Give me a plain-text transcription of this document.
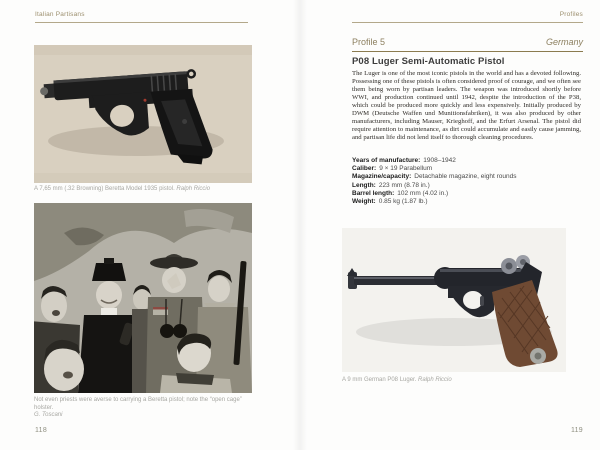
Italian Partisans
A 7,65 mm (.32 Browning) Beretta Model 1935 pistol. Ralph Riccio
Not even priests were averse to carrying a Beretta pistol; note the “open cage” holster.
G. Toscani
118
Profiles
Profile 5	Germany
P08 Luger Semi-Automatic Pistol

The Luger is one of the most iconic pistols in the world and has a devoted following. Possessing one of these pistols is often considered proof of courage, and we often see them being worn by partisan leaders. The weapon was introduced shortly before WWI, and production continued until 1942, despite the introduction of the P38, which could be produced more quickly and less expensively. Initially produced by DWM (Deutsche Waffen und Munitionsfabriken), it was also produced by other manufacturers, including Mauser, Krieghoff, and the Erfurt Arsenal. The pistol did require attention to maintenance, as dirt could accumulate and easily cause jamming, and partisan life did not lend itself to thorough cleaning procedures.

Years of manufacture: 1908–1942
Caliber: 9 × 19 Parabellum
Magazine/capacity: Detachable magazine, eight rounds
Length: 223 mm (8.78 in.)
Barrel length: 102 mm (4.02 in.)
Weight: 0.85 kg (1.87 lb.)
A 9 mm German P08 Luger. Ralph Riccio
119
